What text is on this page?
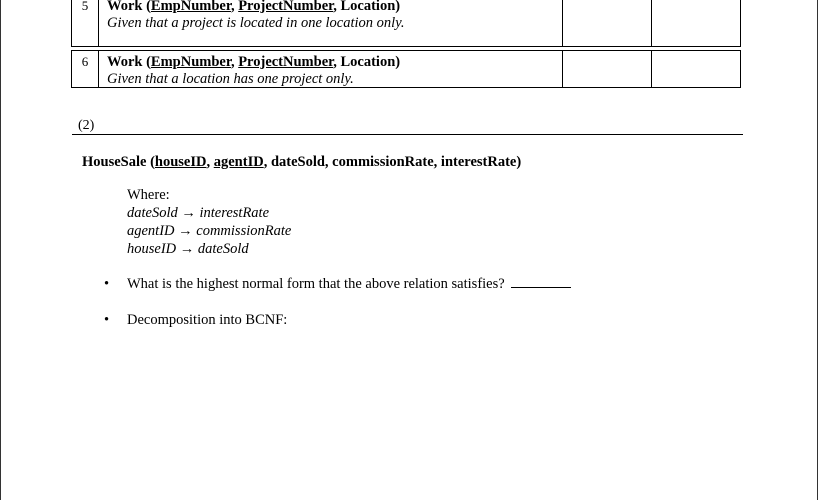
5	Work (EmpNumber, ProjectNumber, Location)
Given that a project is located in one location only.		

6	Work (EmpNumber, ProjectNumber, Location)
Given that a location has one project only.		

(2)
HouseSale (houseID, agentID, dateSold, commissionRate, interestRate)
Where:
dateSold → interestRate
agentID → commissionRate
houseID → dateSold
• What is the highest normal form that the above relation satisfies?
• Decomposition into BCNF:
